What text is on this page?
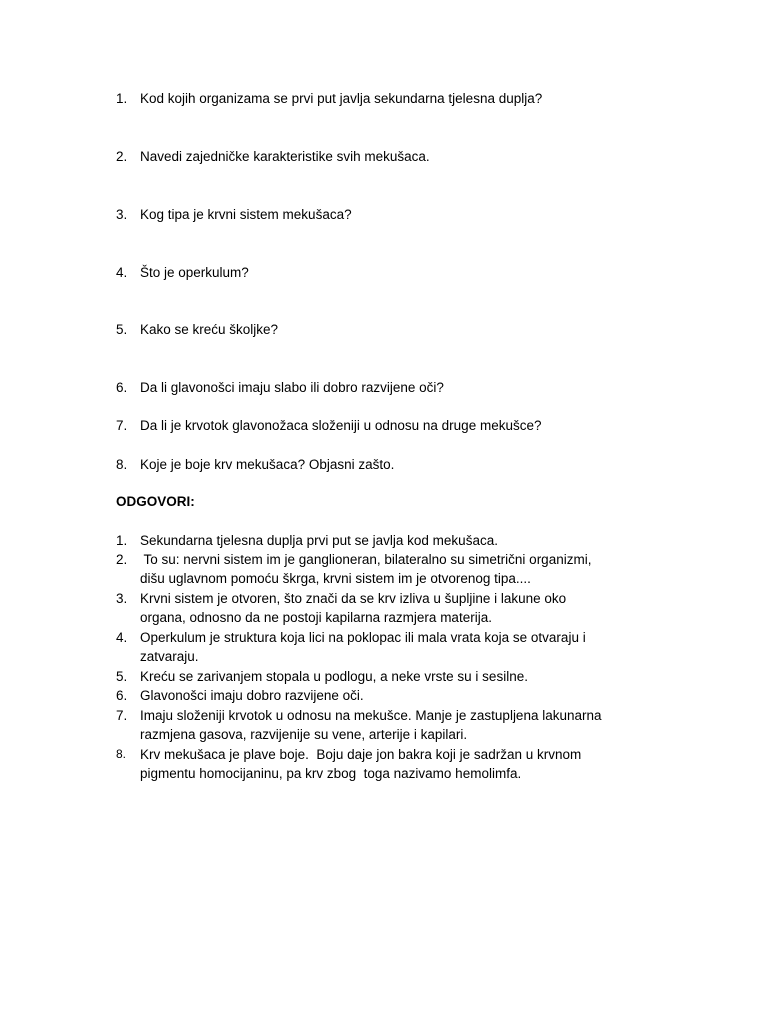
1. Kod kojih organizama se prvi put javlja sekundarna tjelesna duplja?
2. Navedi zajedničke karakteristike svih mekušaca.
3. Kog tipa je krvni sistem mekušaca?
4. Što je operkulum?
5. Kako se kreću školjke?
6. Da li glavonošci imaju slabo ili dobro razvijene oči?
7. Da li je krvotok glavonožaca složeniji u odnosu na druge mekušce?
8. Koje je boje krv mekušaca? Objasni zašto.
ODGOVORI:
1. Sekundarna tjelesna duplja prvi put se javlja kod mekušaca.
2. To su: nervni sistem im je ganglioneran, bilateralno su simetrični organizmi,
dišu uglavnom pomoću škrga, krvni sistem im je otvorenog tipa....
3. Krvni sistem je otvoren, što znači da se krv izliva u šupljine i lakune oko
organa, odnosno da ne postoji kapilarna razmjera materija.
4. Operkulum je struktura koja lici na poklopac ili mala vrata koja se otvaraju i
zatvaraju.
5. Kreću se zarivanjem stopala u podlogu, a neke vrste su i sesilne.
6. Glavonošci imaju dobro razvijene oči.
7. Imaju složeniji krvotok u odnosu na mekušce. Manje je zastupljena lakunarna
razmjena gasova, razvijenije su vene, arterije i kapilari.
8. Krv mekušaca je plave boje.  Boju daje jon bakra koji je sadržan u krvnom
pigmentu homocijaninu, pa krv zbog  toga nazivamo hemolimfa.
